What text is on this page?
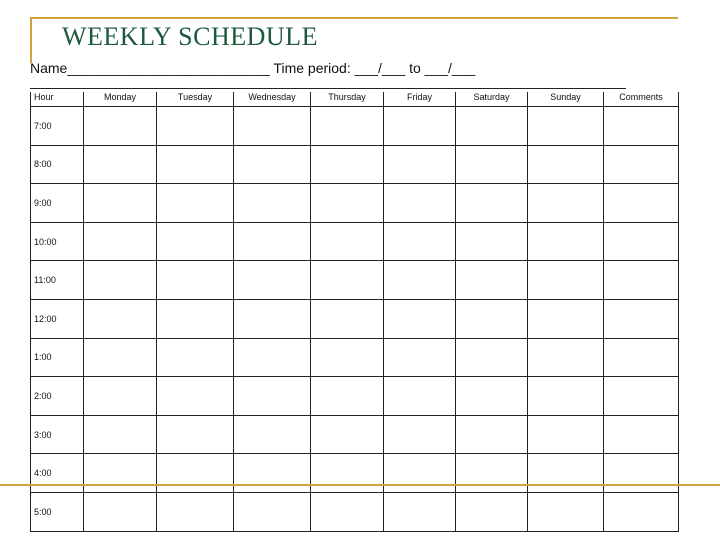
WEEKLY SCHEDULE
Name__________________________ Time period: ___/___ to ___/___
Hour	Monday	Tuesday	Wednesday	Thursday	Friday	Saturday	Sunday	Comments
7:00								
8:00								
9:00								
10:00								
11:00								
12:00								
1:00								
2:00								
3:00								
4:00								
5:00								
